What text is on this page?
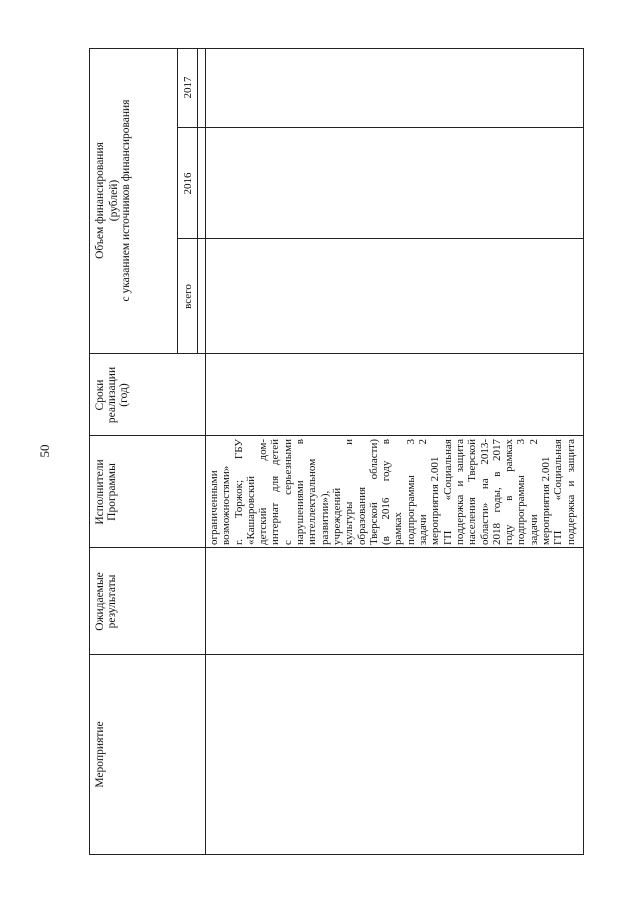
50
Мероприятие
Ожидаемые результаты
Исполнители Программы
Сроки реализации (год)
Объем финансирования (рублей) с указанием источников финансирования	всего
2016
2017
ограниченными возможностями» г. Торжок; ГБУ «Кашаровский детский дом- интернат для детей с серьезными нарушениями в интеллектуальном развитии»), учреждений культуры и образования Тверской области) (в 2016 году в рамках подпрограммы 3 задачи 2 мероприятия 2.001 ГП «Социальная поддержка и защита населения Тверской области» на 2013- 2018 годы, в 2017 году в рамках подпрограммы 3 задачи 2 мероприятия 2.001 ГП «Социальная поддержка и защита
